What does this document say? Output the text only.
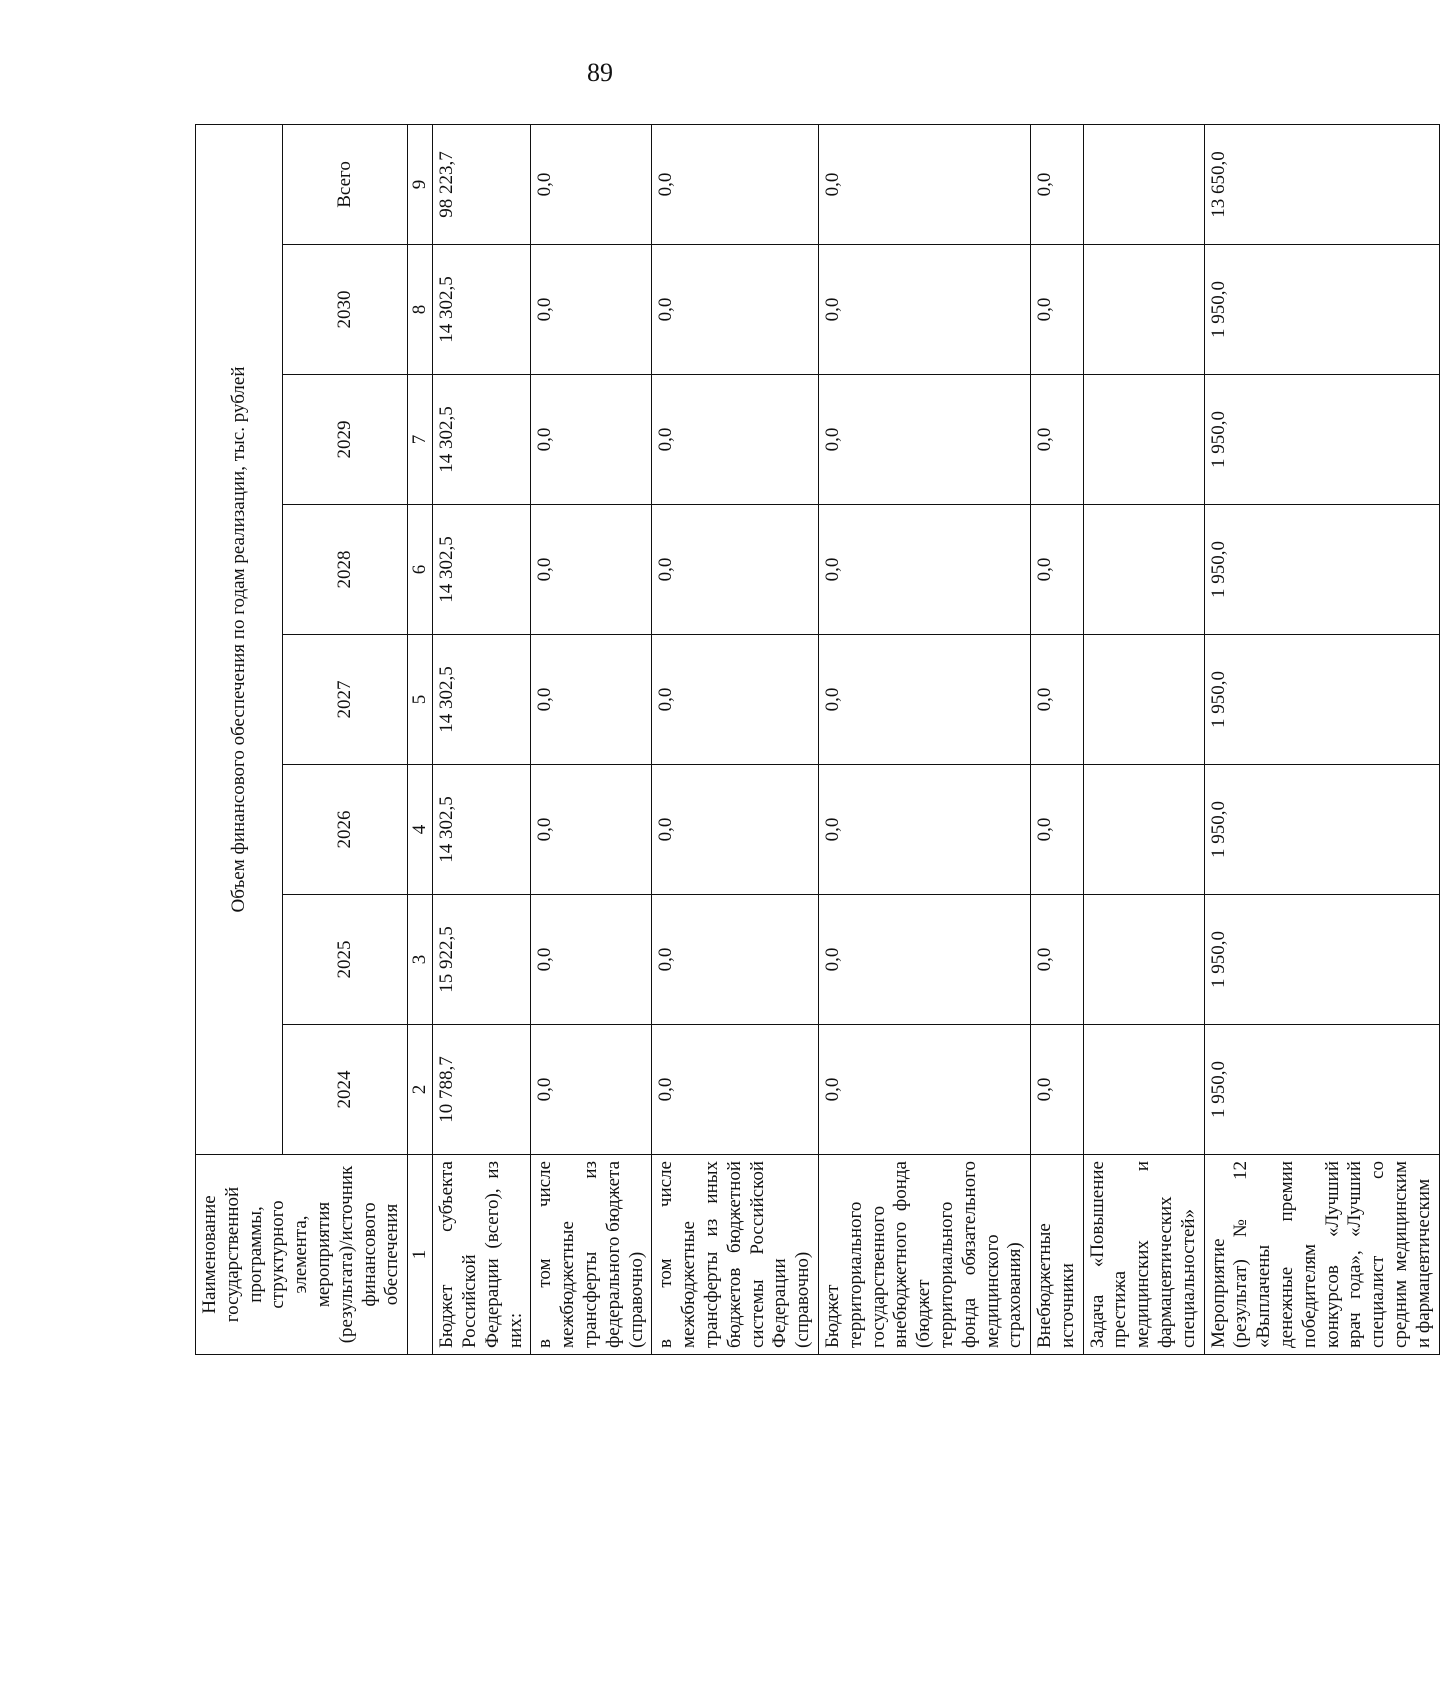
89
Наименование государственной программы, структурного элемента, мероприятия (результата)/источник финансового обеспечения	Объем финансового обеспечения по годам реализации, тыс. рублей							
	2024	2025	2026	2027	2028	2029	2030	Всего
1	2	3	4	5	6	7	8	9
Бюджет субъекта Российской Федерации (всего), из них:	10 788,7	15 922,5	14 302,5	14 302,5	14 302,5	14 302,5	14 302,5	98 223,7
в том числе межбюджетные трансферты из федерального бюджета (справочно)	0,0	0,0	0,0	0,0	0,0	0,0	0,0	0,0
в том числе межбюджетные трансферты из иных бюджетов бюджетной системы Российской Федерации (справочно)	0,0	0,0	0,0	0,0	0,0	0,0	0,0	0,0
Бюджет территориального государственного внебюджетного фонда (бюджет территориального фонда обязательного медицинского страхования)	0,0	0,0	0,0	0,0	0,0	0,0	0,0	0,0
Внебюджетные источники	0,0	0,0	0,0	0,0	0,0	0,0	0,0	0,0
Задача «Повышение престижа медицинских и фармацевтических специальностей»								
Мероприятие (результат) № 12 «Выплачены денежные премии победителям конкурсов «Лучший врач года», «Лучший специалист со средним медицинским и фармацевтическим	1 950,0	1 950,0	1 950,0	1 950,0	1 950,0	1 950,0	1 950,0	13 650,0
